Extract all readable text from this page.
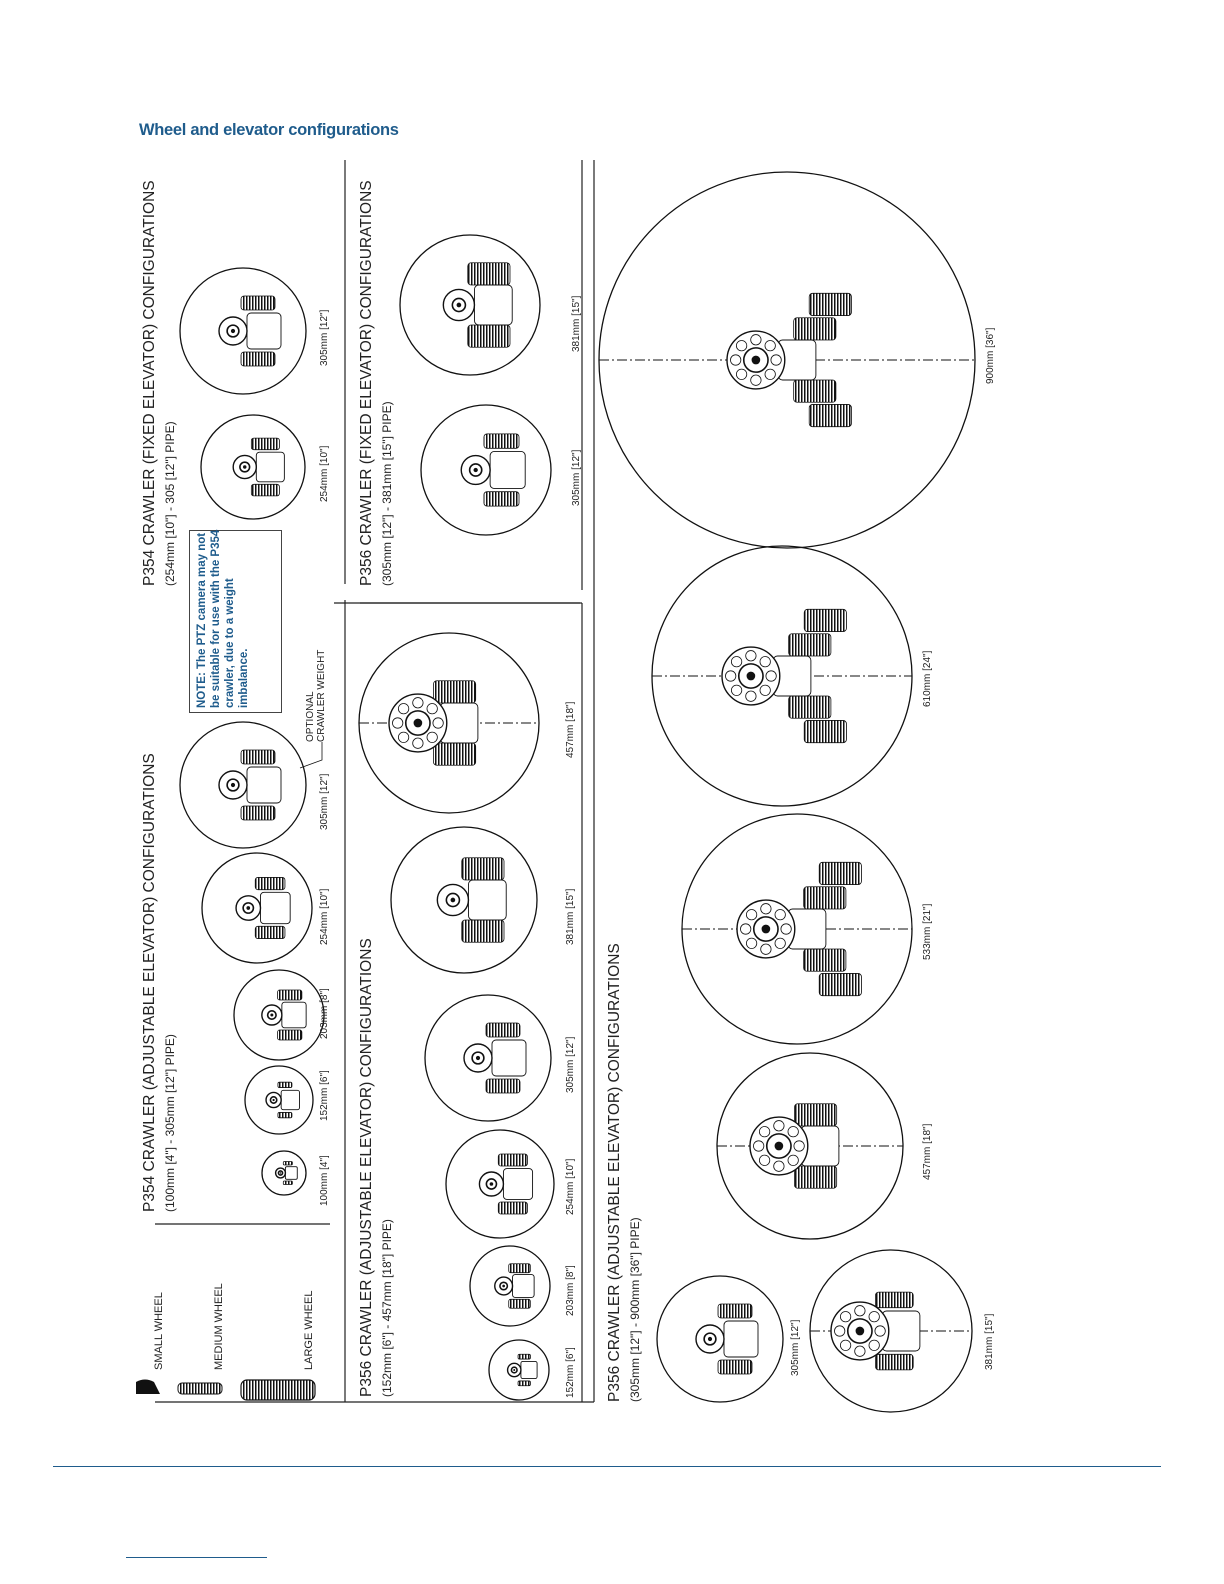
Wheel and elevator configurations
SMALL WHEEL	MEDIUM WHEEL	LARGE WHEEL
P354 CRAWLER (ADJUSTABLE ELEVATOR) CONFIGURATIONS (100mm [4"] - 305mm [12"] PIPE)	100mm [4"]
152mm [6"]
203mm [8"]
254mm [10"]
305mm [12"]
NOTE: The PTZ camera may not be suitable for use with the P354 crawler, due to a weight imbalance.
OPTIONAL
CRAWLER WEIGHT
P354 CRAWLER (FIXED ELEVATOR) CONFIGURATIONS (254mm [10"] - 305 [12"] PIPE)	254mm [10"]
305mm [12"]
P356 CRAWLER (ADJUSTABLE ELEVATOR) CONFIGURATIONS (152mm [6"] - 457mm [18"] PIPE)	152mm [6"]
203mm [8"]
254mm [10"]
305mm [12"]
381mm [15"]
457mm [18"]
P356 CRAWLER (FIXED ELEVATOR) CONFIGURATIONS (305mm [12"] - 381mm [15"] PIPE)	305mm [12"]
381mm [15"]
P356 CRAWLER (ADJUSTABLE ELEVATOR) CONFIGURATIONS (305mm [12"] - 900mm [36"] PIPE)	305mm [12"]	381mm [15"]
457mm [18"]
533mm [21"]
610mm [24"]
900mm [36"]
